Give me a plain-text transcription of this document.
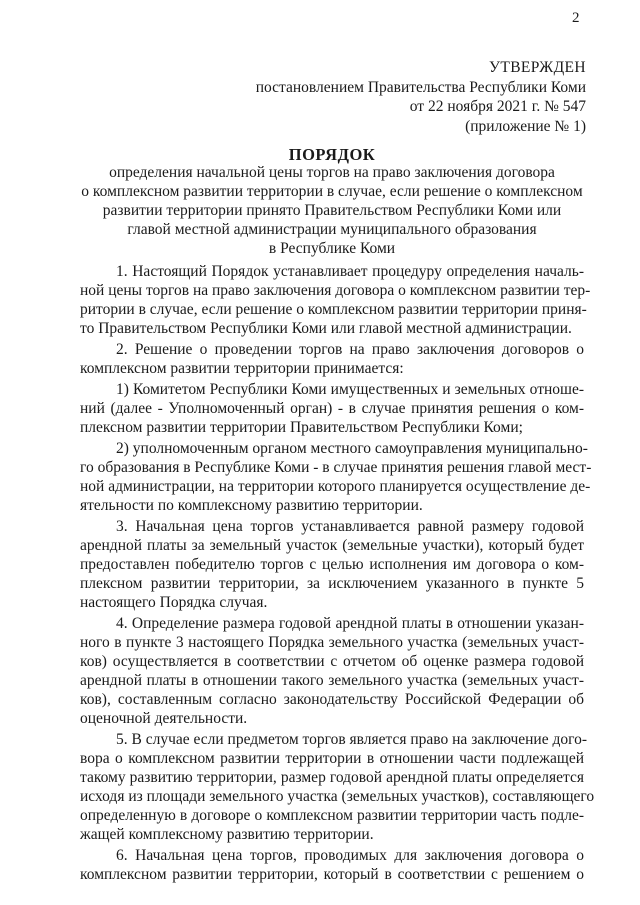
2
УТВЕРЖДЕН
постановлением Правительства Республики Коми
от 22 ноября 2021 г. № 547
(приложение № 1)
ПОРЯДОК
определения начальной цены торгов на право заключения договора
о комплексном развитии территории в случае, если решение о комплексном
развитии территории принято Правительством Республики Коми или
главой местной администрации муниципального образования
в Республике Коми
1. Настоящий Порядок устанавливает процедуру определения началь-
ной цены торгов на право заключения договора о комплексном развитии тер-
ритории в случае, если решение о комплексном развитии территории приня-
то Правительством Республики Коми или главой местной администрации.
2. Решение о проведении торгов на право заключения договоров о
комплексном развитии территории принимается:
1) Комитетом Республики Коми имущественных и земельных отноше-
ний (далее - Уполномоченный орган) - в случае принятия решения о ком-
плексном развитии территории Правительством Республики Коми;
2) уполномоченным органом местного самоуправления муниципально-
го образования в Республике Коми - в случае принятия решения главой мест-
ной администрации, на территории которого планируется осуществление де-
ятельности по комплексному развитию территории.
3. Начальная цена торгов устанавливается равной размеру годовой
арендной платы за земельный участок (земельные участки), который будет
предоставлен победителю торгов с целью исполнения им договора о ком-
плексном развитии территории, за исключением указанного в пункте 5
настоящего Порядка случая.
4. Определение размера годовой арендной платы в отношении указан-
ного в пункте 3 настоящего Порядка земельного участка (земельных участ-
ков) осуществляется в соответствии с отчетом об оценке размера годовой
арендной платы в отношении такого земельного участка (земельных участ-
ков), составленным согласно законодательству Российской Федерации об
оценочной деятельности.
5. В случае если предметом торгов является право на заключение дого-
вора о комплексном развитии территории в отношении части подлежащей
такому развитию территории, размер годовой арендной платы определяется
исходя из площади земельного участка (земельных участков), составляющего
определенную в договоре о комплексном развитии территории часть подле-
жащей комплексному развитию территории.
6. Начальная цена торгов, проводимых для заключения договора о
комплексном развитии территории, который в соответствии с решением о
